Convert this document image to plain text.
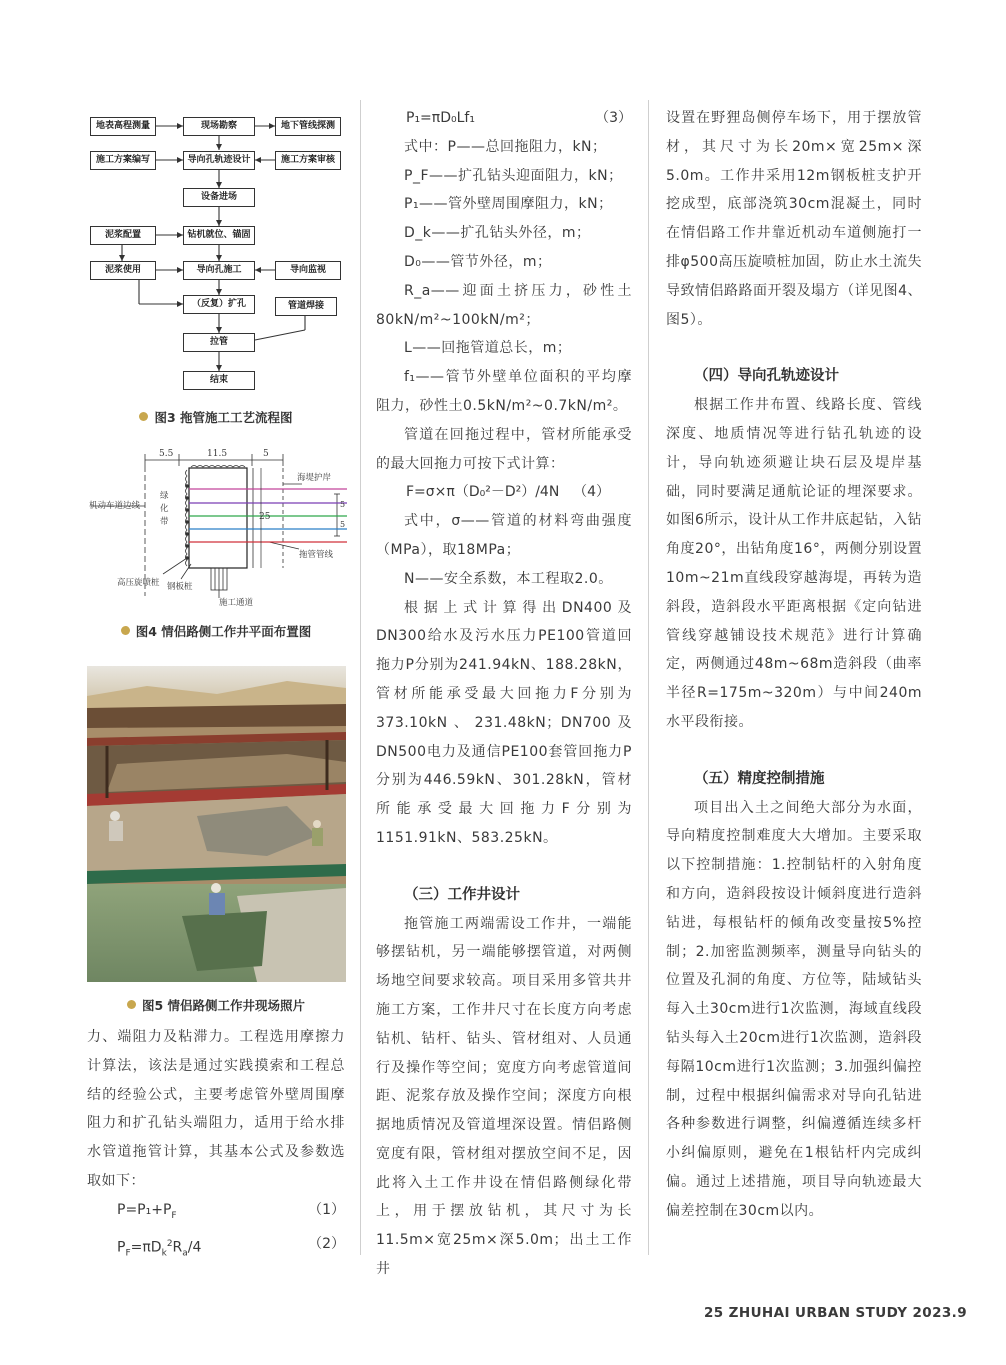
地表高程测量	现场勘察	地下管线探测
施工方案编写	导向孔轨迹设计	施工方案审核
设备进场
泥浆配置	钻机就位、锚固
泥浆使用	导向孔施工	导向监视
（反复）扩孔	管道焊接
拉管
结束
图3 拖管施工工艺流程图
5.5	11.5	5
25
5
5
机动车道边线
绿化带
海堤护岸
拖管管线
高压旋喷桩 钢板桩
施工通道
图4 情侣路侧工作井平面布置图
图5 情侣路侧工作井现场照片

力、端阻力及粘滞力。工程选用摩擦力计算法，该法是通过实践摸索和工程总结的经验公式，主要考虑管外壁周围摩阻力和扩孔钻头端阻力，适用于给水排水管道拖管计算，其基本公式及参数选取如下：

$P=P_1+P_F$	（1）

$P_F=\pi D_k^2R_a/4$	（2）

P₁=πD₀Lf₁	（3）

式中：P——总回拖阻力，kN；

P_F——扩孔钻头迎面阻力，kN；

P₁——管外壁周围摩阻力，kN；

D_k——扩孔钻头外径，m；

D₀——管节外径，m；

R_a——迎面土挤压力，砂性土80kN/m²~100kN/m²；

L——回拖管道总长，m；

f₁——管节外壁单位面积的平均摩阻力，砂性土0.5kN/m²~0.7kN/m²。

管道在回拖过程中，管材所能承受的最大回拖力可按下式计算：

F=σ×π（D₀²－D²）/4N （4）

式中，σ——管道的材料弯曲强度（MPa），取18MPa；

N——安全系数，本工程取2.0。

根据上式计算得出DN400及DN300给水及污水压力PE100管道回拖力P分别为241.94kN、188.28kN，管材所能承受最大回拖力F分别为373.10kN、231.48kN；DN700及DN500电力及通信PE100套管回拖力P分别为446.59kN、301.28kN，管材所能承受最大回拖力F分别为1151.91kN、583.25kN。

（三）工作井设计

拖管施工两端需设工作井，一端能够摆钻机，另一端能够摆管道，对两侧场地空间要求较高。项目采用多管共井施工方案，工作井尺寸在长度方向考虑钻机、钻杆、钻头、管材组对、人员通行及操作等空间；宽度方向考虑管道间距、泥浆存放及操作空间；深度方向根据地质情况及管道埋深设置。情侣路侧宽度有限，管材组对摆放空间不足，因此将入土工作井设在情侣路侧绿化带上，用于摆放钻机，其尺寸为长11.5m×宽25m×深5.0m；出土工作井

设置在野狸岛侧停车场下，用于摆放管材，其尺寸为长20m×宽25m×深5.0m。工作井采用12m钢板桩支护开挖成型，底部浇筑30cm混凝土，同时在情侣路工作井靠近机动车道侧施打一排φ500高压旋喷桩加固，防止水土流失导致情侣路路面开裂及塌方（详见图4、图5）。

（四）导向孔轨迹设计

根据工作井布置、线路长度、管线深度、地质情况等进行钻孔轨迹的设计，导向轨迹须避让块石层及堤岸基础，同时要满足通航论证的埋深要求。如图6所示，设计从工作井底起钻，入钻角度20°，出钻角度16°，两侧分别设置10m~21m直线段穿越海堤，再转为造斜段，造斜段水平距离根据《定向钻进管线穿越铺设技术规范》进行计算确定，两侧通过48m~68m造斜段（曲率半径R=175m~320m）与中间240m水平段衔接。

（五）精度控制措施

项目出入土之间绝大部分为水面，导向精度控制难度大大增加。主要采取以下控制措施：1.控制钻杆的入射角度和方向，造斜段按设计倾斜度进行造斜钻进，每根钻杆的倾角改变量按5%控制；2.加密监测频率，测量导向钻头的位置及孔洞的角度、方位等，陆域钻头每入土30cm进行1次监测，海域直线段钻头每入土20cm进行1次监测，造斜段每隔10cm进行1次监测；3.加强纠偏控制，过程中根据纠偏需求对导向孔钻进各种参数进行调整，纠偏遵循连续多杆小纠偏原则，避免在1根钻杆内完成纠偏。通过上述措施，项目导向轨迹最大偏差控制在30cm以内。

25 ZHUHAI URBAN STUDY 2023.9
